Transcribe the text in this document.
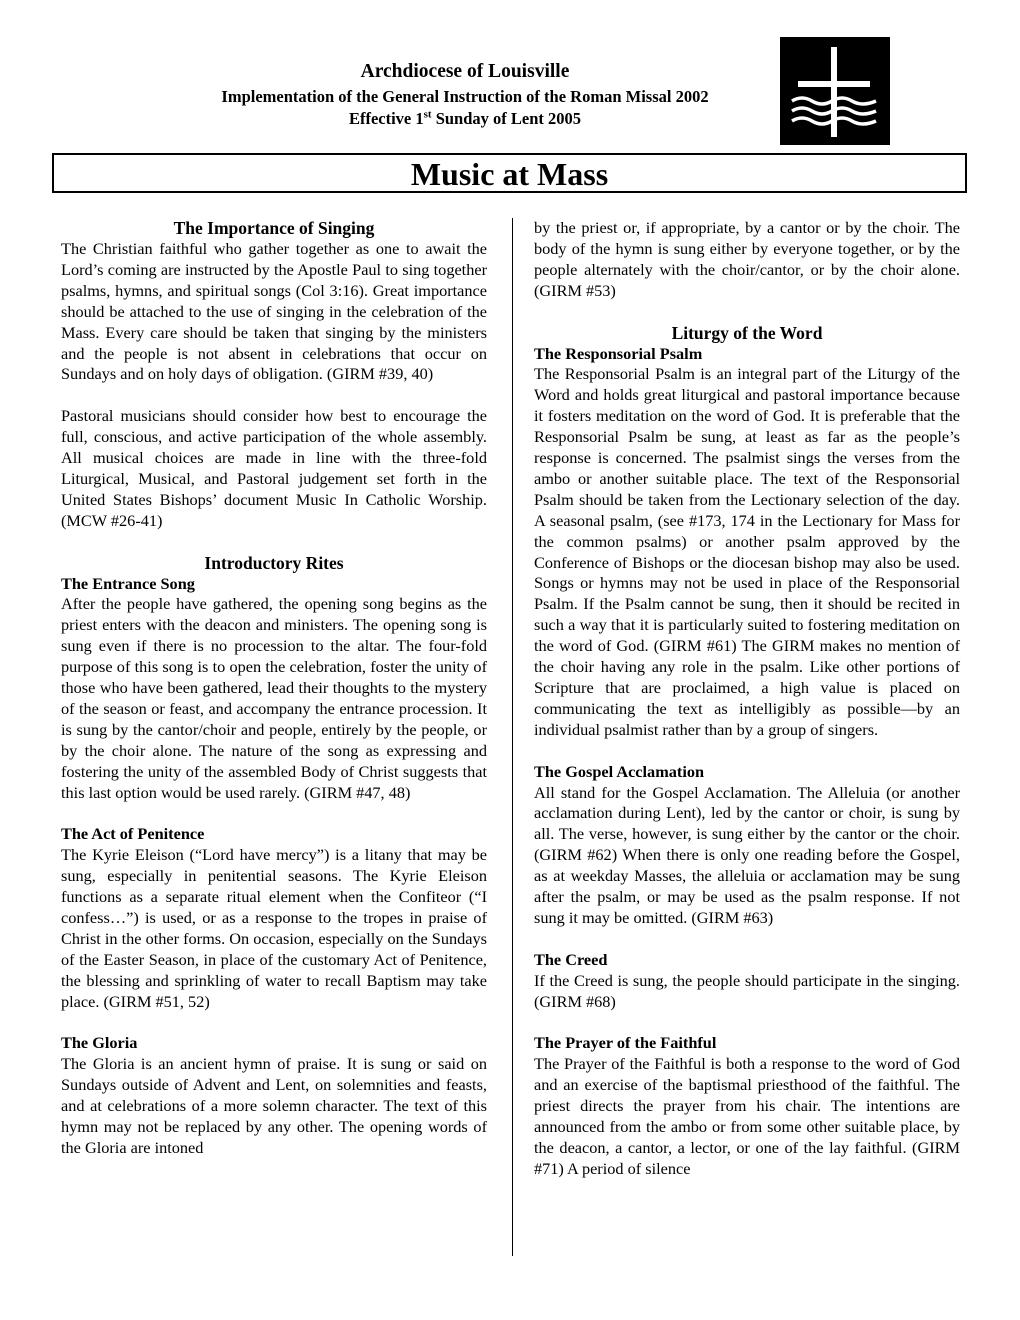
Archdiocese of Louisville
Implementation of the General Instruction of the Roman Missal 2002
Effective 1st Sunday of Lent 2005
Music at Mass
The Importance of Singing

The Christian faithful who gather together as one to await the Lord’s coming are instructed by the Apostle Paul to sing together psalms, hymns, and spiritual songs (Col 3:16). Great importance should be attached to the use of singing in the celebration of the Mass. Every care should be taken that singing by the ministers and the people is not absent in celebrations that occur on Sundays and on holy days of obligation. (GIRM #39, 40)

Pastoral musicians should consider how best to encourage the full, conscious, and active participation of the whole assembly. All musical choices are made in line with the three-fold Liturgical, Musical, and Pastoral judgement set forth in the United States Bishops’ document Music In Catholic Worship. (MCW #26-41)

Introductory Rites
The Entrance Song

After the people have gathered, the opening song begins as the priest enters with the deacon and ministers. The opening song is sung even if there is no procession to the altar. The four-fold purpose of this song is to open the celebration, foster the unity of those who have been gathered, lead their thoughts to the mystery of the season or feast, and accompany the entrance procession. It is sung by the cantor/choir and people, entirely by the people, or by the choir alone. The nature of the song as expressing and fostering the unity of the assembled Body of Christ suggests that this last option would be used rarely. (GIRM #47, 48)

The Act of Penitence

The Kyrie Eleison (“Lord have mercy”) is a litany that may be sung, especially in penitential seasons. The Kyrie Eleison functions as a separate ritual element when the Confiteor (“I confess…”) is used, or as a response to the tropes in praise of Christ in the other forms. On occasion, especially on the Sundays of the Easter Season, in place of the customary Act of Penitence, the blessing and sprinkling of water to recall Baptism may take place. (GIRM #51, 52)

The Gloria

The Gloria is an ancient hymn of praise. It is sung or said on Sundays outside of Advent and Lent, on solemnities and feasts, and at celebrations of a more solemn character. The text of this hymn may not be replaced by any other. The opening words of the Gloria are intoned

by the priest or, if appropriate, by a cantor or by the choir. The body of the hymn is sung either by everyone together, or by the people alternately with the choir/cantor, or by the choir alone. (GIRM #53)

Liturgy of the Word
The Responsorial Psalm

The Responsorial Psalm is an integral part of the Liturgy of the Word and holds great liturgical and pastoral importance because it fosters meditation on the word of God. It is preferable that the Responsorial Psalm be sung, at least as far as the people’s response is concerned. The psalmist sings the verses from the ambo or another suitable place. The text of the Responsorial Psalm should be taken from the Lectionary selection of the day. A seasonal psalm, (see #173, 174 in the Lectionary for Mass for the common psalms) or another psalm approved by the Conference of Bishops or the diocesan bishop may also be used. Songs or hymns may not be used in place of the Responsorial Psalm. If the Psalm cannot be sung, then it should be recited in such a way that it is particularly suited to fostering meditation on the word of God. (GIRM #61) The GIRM makes no mention of the choir having any role in the psalm. Like other portions of Scripture that are proclaimed, a high value is placed on communicating the text as intelligibly as possible—by an individual psalmist rather than by a group of singers.

The Gospel Acclamation

All stand for the Gospel Acclamation. The Alleluia (or another acclamation during Lent), led by the cantor or choir, is sung by all. The verse, however, is sung either by the cantor or the choir. (GIRM #62) When there is only one reading before the Gospel, as at weekday Masses, the alleluia or acclamation may be sung after the psalm, or may be used as the psalm response. If not sung it may be omitted. (GIRM #63)

The Creed

If the Creed is sung, the people should participate in the singing. (GIRM #68)

The Prayer of the Faithful

The Prayer of the Faithful is both a response to the word of God and an exercise of the baptismal priesthood of the faithful. The priest directs the prayer from his chair. The intentions are announced from the ambo or from some other suitable place, by the deacon, a cantor, a lector, or one of the lay faithful. (GIRM #71) A period of silence
